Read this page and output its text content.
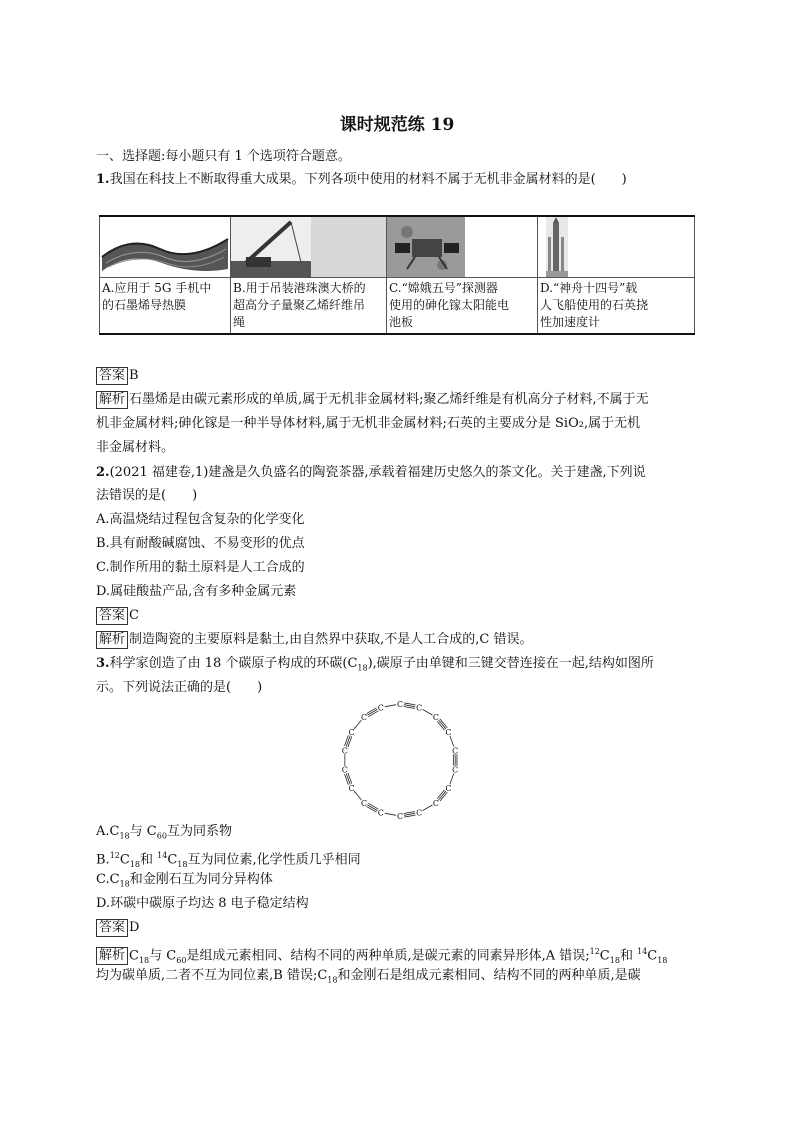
课时规范练 19
一、选择题:每小题只有 1 个选项符合题意。
1.我国在科技上不断取得重大成果。下列各项中使用的材料不属于无机非金属材料的是(　　)

A.应用于 5G 手机中
的石墨烯导热膜	B.用于吊装港珠澳大桥的
超高分子量聚乙烯纤维吊
绳	C.“嫦娥五号”探测器
使用的砷化镓太阳能电
池板	D.“神舟十四号”载
人飞船使用的石英挠
性加速度计
答案 B
解析 石墨烯是由碳元素形成的单质,属于无机非金属材料;聚乙烯纤维是有机高分子材料,不属于无
机非金属材料;砷化镓是一种半导体材料,属于无机非金属材料;石英的主要成分是 SiO₂,属于无机
非金属材料。
2.(2021 福建卷,1)建盏是久负盛名的陶瓷茶器,承载着福建历史悠久的茶文化。关于建盏,下列说
法错误的是(　　)
A.高温烧结过程包含复杂的化学变化
B.具有耐酸碱腐蚀、不易变形的优点
C.制作所用的黏土原料是人工合成的
D.属硅酸盐产品,含有多种金属元素
答案 C
解析 制造陶瓷的主要原料是黏土,由自然界中获取,不是人工合成的,C 错误。
3.科学家创造了由 18 个碳原子构成的环碳$(C_{18})$,碳原子由单键和三键交替连接在一起,结构如图所
示。下列说法正确的是(　　)
C C
C
C
C
C
C
C
C
C
C
C
C
C
C
C
C
C
$A.C_{18}$与 $C_{60}$互为同系物
$B.^{12}C_{18}$和 $^{14}C_{18}$互为同位素,化学性质几乎相同
$C.C_{18}$和金刚石互为同分异构体
D.环碳中碳原子均达 8 电子稳定结构
答案 D
解析 $C_{18}$与 $C_{60}$是组成元素相同、结构不同的两种单质,是碳元素的同素异形体,A 错误$;^{12}C_{18}$和 $^{14}C_{18}$
均为碳单质,二者不互为同位素,B 错误$;C_{18}$和金刚石是组成元素相同、结构不同的两种单质,是碳
